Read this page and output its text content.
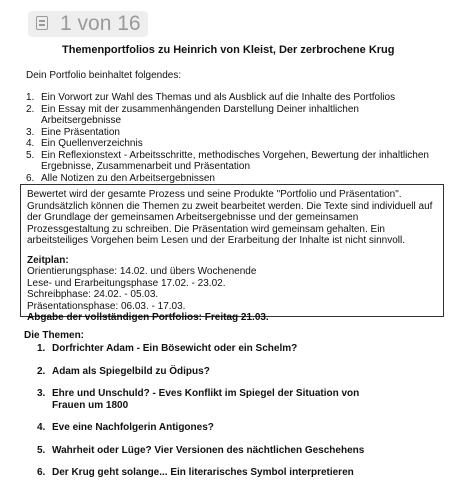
1 von 16
Themenportfolios zu Heinrich von Kleist, Der zerbrochene Krug
Dein Portfolio beinhaltet folgendes:
1. Ein Vorwort zur Wahl des Themas und als Ausblick auf die Inhalte des Portfolios
2. Ein Essay mit der zusammenhängenden Darstellung Deiner inhaltlichen Arbeitsergebnisse
3. Eine Präsentation
4. Ein Quellenverzeichnis
5. Ein Reflexionstext - Arbeitsschritte, methodisches Vorgehen, Bewertung der inhaltlichen Ergebnisse, Zusammenarbeit und Präsentation
6. Alle Notizen zu den Arbeitsergebnissen

Bewertet wird der gesamte Prozess und seine Produkte "Portfolio und Präsentation". Grundsätzlich können die Themen zu zweit bearbeitet werden. Die Texte sind individuell auf der Grundlage der gemeinsamen Arbeitsergebnisse und der gemeinsamen Prozessgestaltung zu schreiben. Die Präsentation wird gemeinsam gehalten. Ein arbeitsteiliges Vorgehen beim Lesen und der Erarbeitung der Inhalte ist nicht sinnvoll.

Zeitplan:

Orientierungsphase: 14.02. und übers Wochenende

Lese- und Erarbeitungsphase 17.02. - 23.02.

Schreibphase: 24.02. - 05.03.

Präsentationsphase: 06.03. - 17.03.

Abgabe der vollständigen Portfolios: Freitag 21.03.

Die Themen:
1. Dorfrichter Adam - Ein Bösewicht oder ein Schelm?
2. Adam als Spiegelbild zu Ödipus?
3. Ehre und Unschuld? - Eves Konflikt im Spiegel der Situation von Frauen um 1800
4. Eve eine Nachfolgerin Antigones?
5. Wahrheit oder Lüge? Vier Versionen des nächtlichen Geschehens
6. Der Krug geht solange... Ein literarisches Symbol interpretieren
